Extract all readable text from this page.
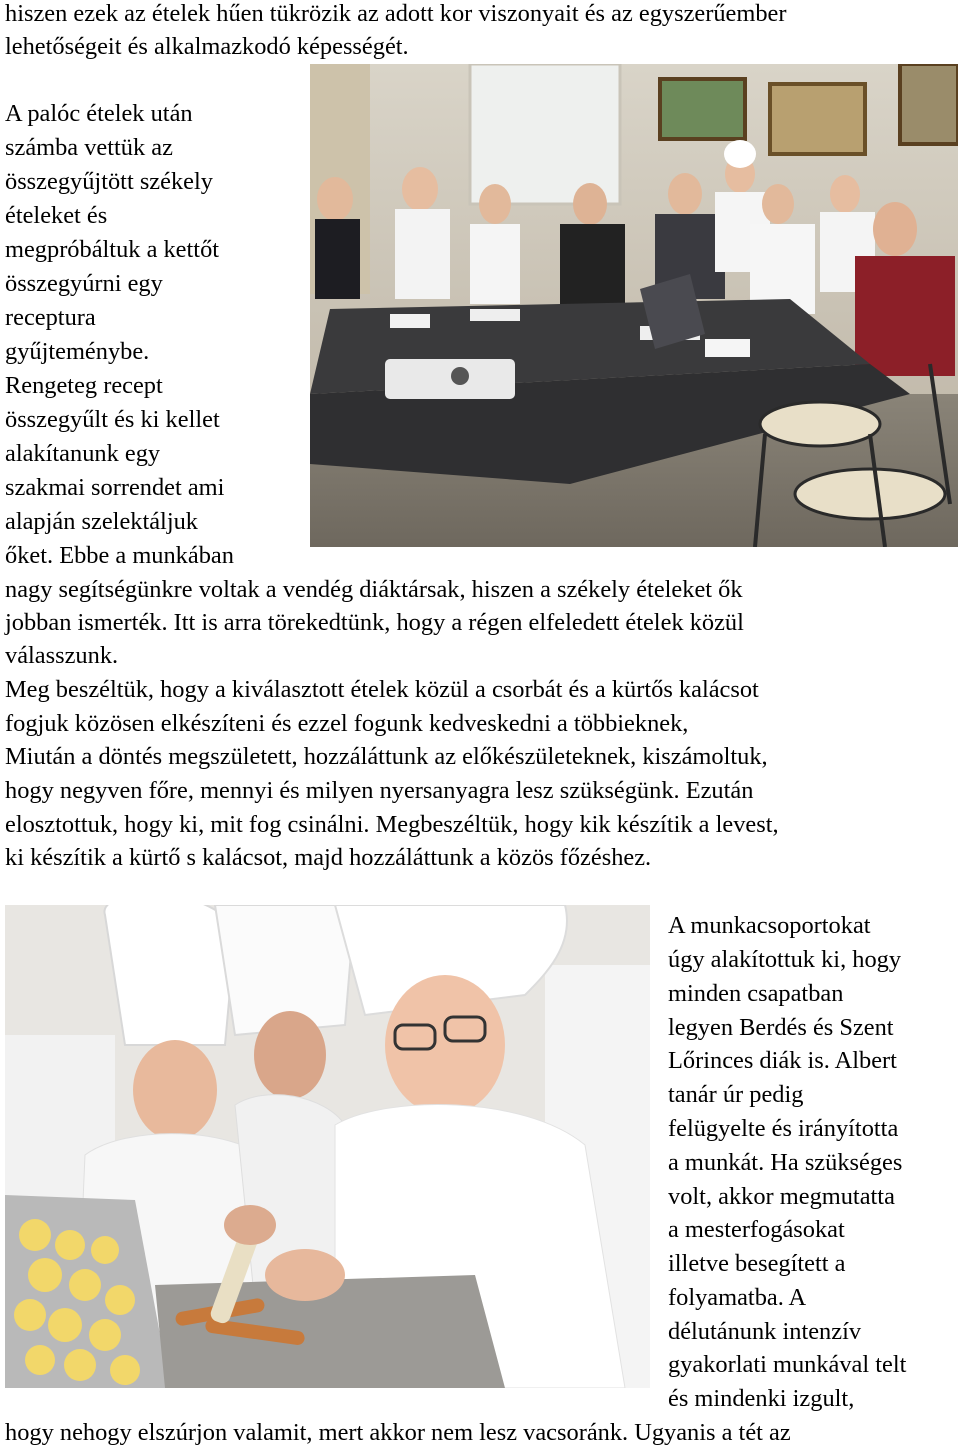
hiszen ezek az ételek hűen tükrözik az adott kor viszonyait és az egyszerűember
lehetőségeit és alkalmazkodó képességét.
A palóc ételek után
számba vettük az
összegyűjtött székely
ételeket és
megpróbáltuk a kettőt
összegyúrni egy
receptura
gyűjteménybe.
Rengeteg recept
összegyűlt és ki kellet
alakítanunk egy
szakmai sorrendet ami
alapján szelektáljuk
őket. Ebbe a munkában
nagy segítségünkre voltak a vendég diáktársak, hiszen a székely ételeket ők
jobban ismerték. Itt is arra törekedtünk, hogy a régen elfeledett ételek közül
válasszunk.
Meg beszéltük, hogy a kiválasztott ételek közül a csorbát és a kürtős kalácsot
fogjuk közösen elkészíteni és ezzel fogunk kedveskedni a többieknek,
Miután a döntés megszületett, hozzáláttunk az előkészületeknek, kiszámoltuk,
hogy negyven főre, mennyi és milyen nyersanyagra lesz szükségünk. Ezután
elosztottuk, hogy ki, mit fog csinálni. Megbeszéltük, hogy kik készítik a levest,
ki készítik a kürtő s kalácsot, majd hozzáláttunk a közös főzéshez.
A munkacsoportokat
úgy alakítottuk ki, hogy
minden csapatban
legyen Berdés és Szent
Lőrinces diák is. Albert
tanár úr pedig
felügyelte és irányította
a munkát. Ha szükséges
volt, akkor megmutatta
a mesterfogásokat
illetve besegített a
folyamatba. A
délutánunk intenzív
gyakorlati munkával telt
és mindenki izgult,
hogy nehogy elszúrjon valamit, mert akkor nem lesz vacsoránk. Ugyanis a tét az
